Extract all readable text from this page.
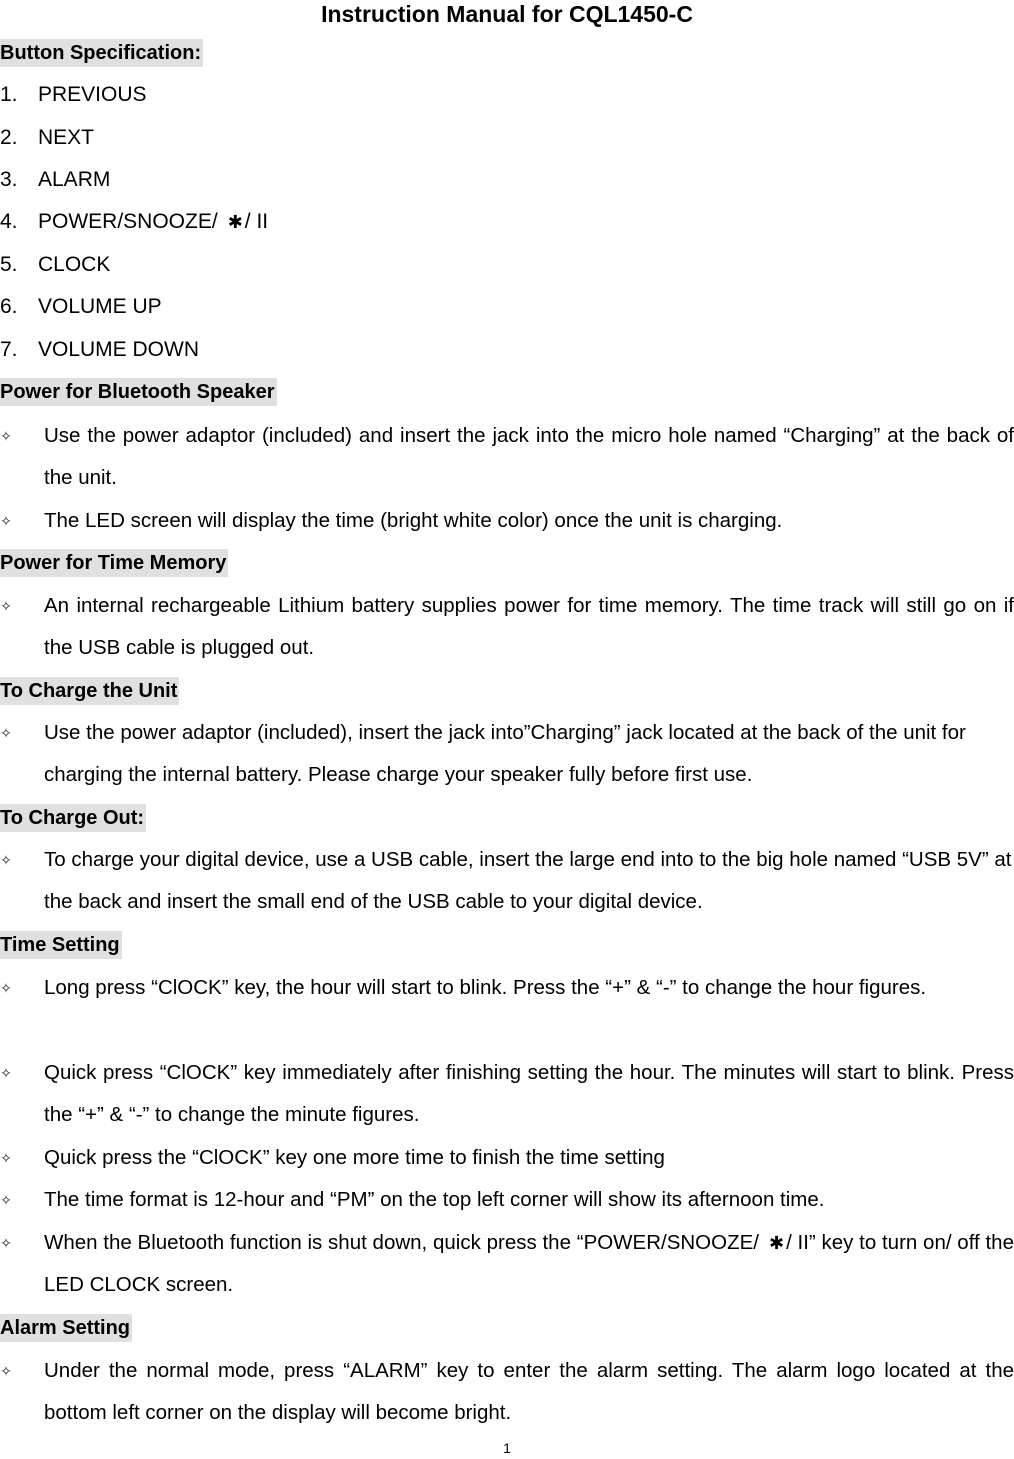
Instruction Manual for CQL1450-C
Button Specification:
1. PREVIOUS
2. NEXT
3. ALARM
4. POWER/SNOOZE/ ✱/ II
5. CLOCK
6. VOLUME UP
7. VOLUME DOWN
Power for Bluetooth Speaker
✧ Use the power adaptor (included) and insert the jack into the micro hole named “Charging” at the back of the unit.
✧ The LED screen will display the time (bright white color) once the unit is charging.
Power for Time Memory
✧ An internal rechargeable Lithium battery supplies power for time memory. The time track will still go on if the USB cable is plugged out.
To Charge the Unit
✧ Use the power adaptor (included), insert the jack into”Charging” jack located at the back of the unit for charging the internal battery. Please charge your speaker fully before first use.
To Charge Out:
✧ To charge your digital device, use a USB cable, insert the large end into to the big hole named “USB 5V” at the back and insert the small end of the USB cable to your digital device.
Time Setting
✧ Long press “ClOCK” key, the hour will start to blink. Press the “+” & “-” to change the hour figures.
✧ Quick press “ClOCK” key immediately after finishing setting the hour. The minutes will start to blink. Press the “+” & “-” to change the minute figures.
✧ Quick press the “ClOCK” key one more time to finish the time setting
✧ The time format is 12-hour and “PM” on the top left corner will show its afternoon time.
✧ When the Bluetooth function is shut down, quick press the “POWER/SNOOZE/ ✱/ II” key to turn on/ off the LED CLOCK screen.
Alarm Setting
✧ Under the normal mode, press “ALARM” key to enter the alarm setting. The alarm logo located at the bottom left corner on the display will become bright.
1
